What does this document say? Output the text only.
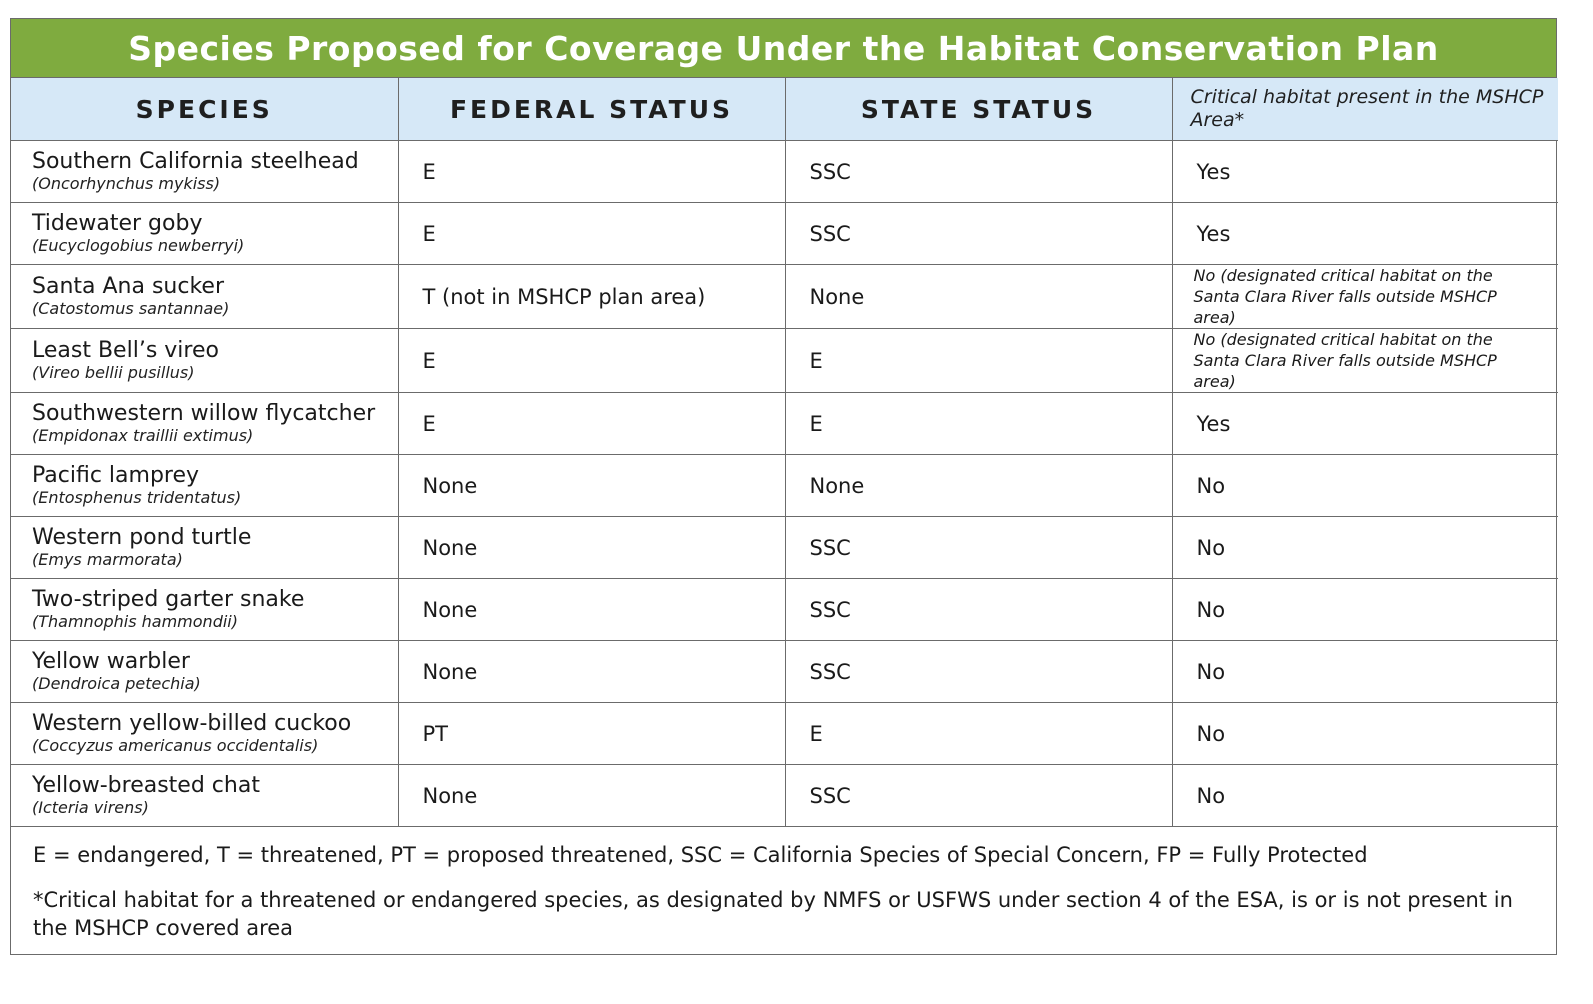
Species Proposed for Coverage Under the Habitat Conservation Plan
SPECIES	FEDERAL STATUS	STATE STATUS	Critical habitat present in the MSHCP Area*

Southern California steelhead
(Oncorhynchus mykiss)	E	SSC	Yes

Tidewater goby
(Eucyclogobius newberryi)	E	SSC	Yes

Santa Ana sucker
(Catostomus santannae)	T (not in MSHCP plan area)	None	No (designated critical habitat on the Santa Clara River falls outside MSHCP area)

Least Bell’s vireo
(Vireo bellii pusillus)	E	E	No (designated critical habitat on the Santa Clara River falls outside MSHCP area)

Southwestern willow flycatcher
(Empidonax traillii extimus)	E	E	Yes

Pacific lamprey
(Entosphenus tridentatus)	None	None	No

Western pond turtle
(Emys marmorata)	None	SSC	No

Two-striped garter snake
(Thamnophis hammondii)	None	SSC	No

Yellow warbler
(Dendroica petechia)	None	SSC	No

Western yellow-billed cuckoo
(Coccyzus americanus occidentalis)	PT	E	No

Yellow-breasted chat
(Icteria virens)	None	SSC	No

E = endangered, T = threatened, PT = proposed threatened, SSC = California Species of Special Concern, FP = Fully Protected

*Critical habitat for a threatened or endangered species, as designated by NMFS or USFWS under section 4 of the ESA, is or is not present in the MSHCP covered area
